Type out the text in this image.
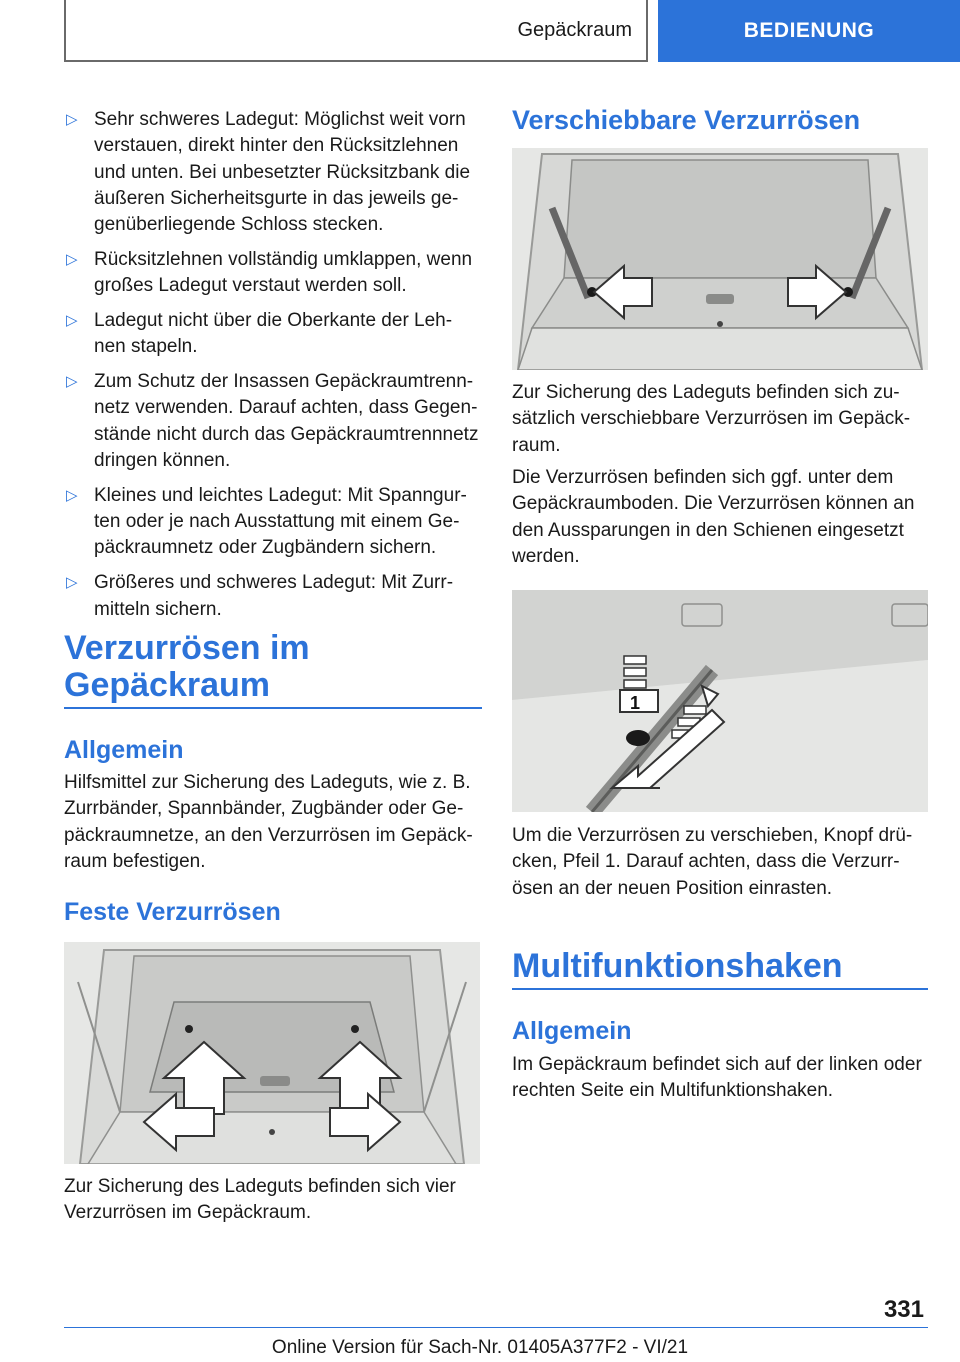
Gepäckraum	BEDIENUNG
▷ Sehr schweres Ladegut: Möglichst weit vorn verstauen, direkt hinter den Rücksitzlehnen und unten. Bei unbesetzter Rücksitzbank die äußeren Sicherheitsgurte in das jeweils ge‐ genüberliegende Schloss stecken.
▷ Rücksitzlehnen vollständig umklappen, wenn großes Ladegut verstaut werden soll.
▷ Ladegut nicht über die Oberkante der Leh‐ nen stapeln.
▷ Zum Schutz der Insassen Gepäckraumtrenn‐ netz verwenden. Darauf achten, dass Gegen‐ stände nicht durch das Gepäckraumtrennnetz dringen können.
▷ Kleines und leichtes Ladegut: Mit Spanngur‐ ten oder je nach Ausstattung mit einem Ge‐ päckraumnetz oder Zugbändern sichern.
▷ Größeres und schweres Ladegut: Mit Zurr‐ mitteln sichern.
Verzurrösen im Gepäckraum
Allgemein

Hilfsmittel zur Sicherung des Ladeguts, wie z. B. Zurrbänder, Spannbänder, Zugbänder oder Ge‐ päckraumnetze, an den Verzurrösen im Gepäck‐ raum befestigen.

Feste Verzurrösen

Zur Sicherung des Ladeguts befinden sich vier Verzurrösen im Gepäckraum.

Verschiebbare Verzurrösen

Zur Sicherung des Ladeguts befinden sich zu‐ sätzlich verschiebbare Verzurrösen im Gepäck‐ raum.

Die Verzurrösen befinden sich ggf. unter dem Gepäckraumboden. Die Verzurrösen können an den Aussparungen in den Schienen eingesetzt werden.

1

Um die Verzurrösen zu verschieben, Knopf drü‐ cken, Pfeil 1. Darauf achten, dass die Verzurr‐ ösen an der neuen Position einrasten.

Multifunktionshaken
Allgemein

Im Gepäckraum befindet sich auf der linken oder rechten Seite ein Multifunktionshaken.

331
Online Version für Sach-Nr. 01405A377F2 - VI/21
